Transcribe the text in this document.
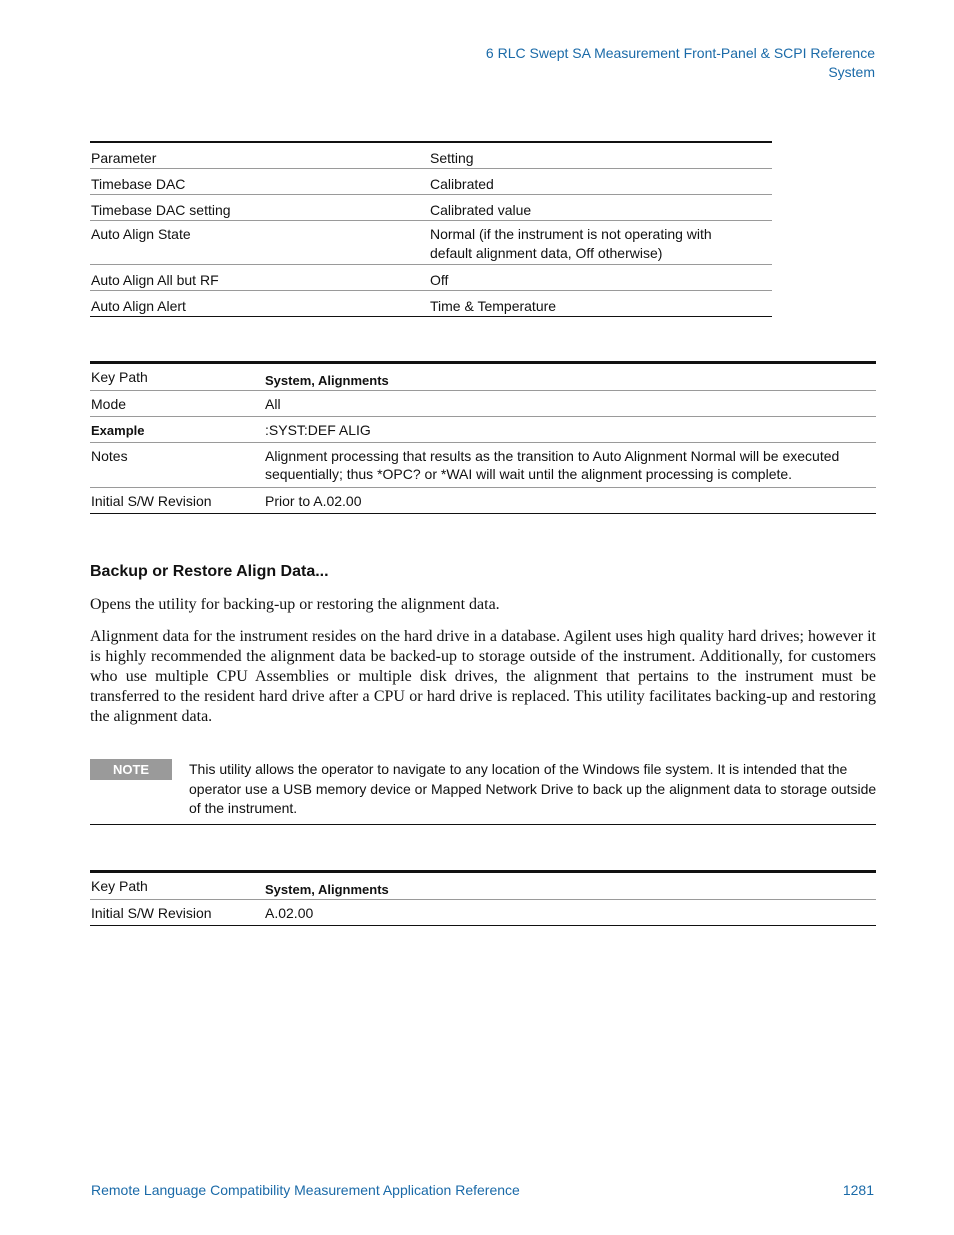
6 RLC Swept SA Measurement Front-Panel & SCPI Reference
System
Parameter	Setting
Timebase DAC	Calibrated
Timebase DAC setting	Calibrated value
Auto Align State	Normal (if the instrument is not operating with default alignment data, Off otherwise)
Auto Align All but RF	Off
Auto Align Alert	Time & Temperature
Key Path	System, Alignments
Mode	All
Example	:SYST:DEF ALIG
Notes	Alignment processing that results as the transition to Auto Alignment Normal will be executed sequentially; thus *OPC? or *WAI will wait until the alignment processing is complete.
Initial S/W Revision	Prior to A.02.00
Backup or Restore Align Data...
Opens the utility for backing-up or restoring the alignment data.
Alignment data for the instrument resides on the hard drive in a database. Agilent uses high quality hard drives; however it is highly recommended the alignment data be backed-up to storage outside of the instrument. Additionally, for customers who use multiple CPU Assemblies or multiple disk drives, the alignment that pertains to the instrument must be transferred to the resident hard drive after a CPU or hard drive is replaced. This utility facilitates backing-up and restoring the alignment data.
NOTE	This utility allows the operator to navigate to any location of the Windows file system. It is intended that the operator use a USB memory device or Mapped Network Drive to back up the alignment data to storage outside of the instrument.
Key Path	System, Alignments
Initial S/W Revision	A.02.00
Remote Language Compatibility Measurement Application Reference	1281
